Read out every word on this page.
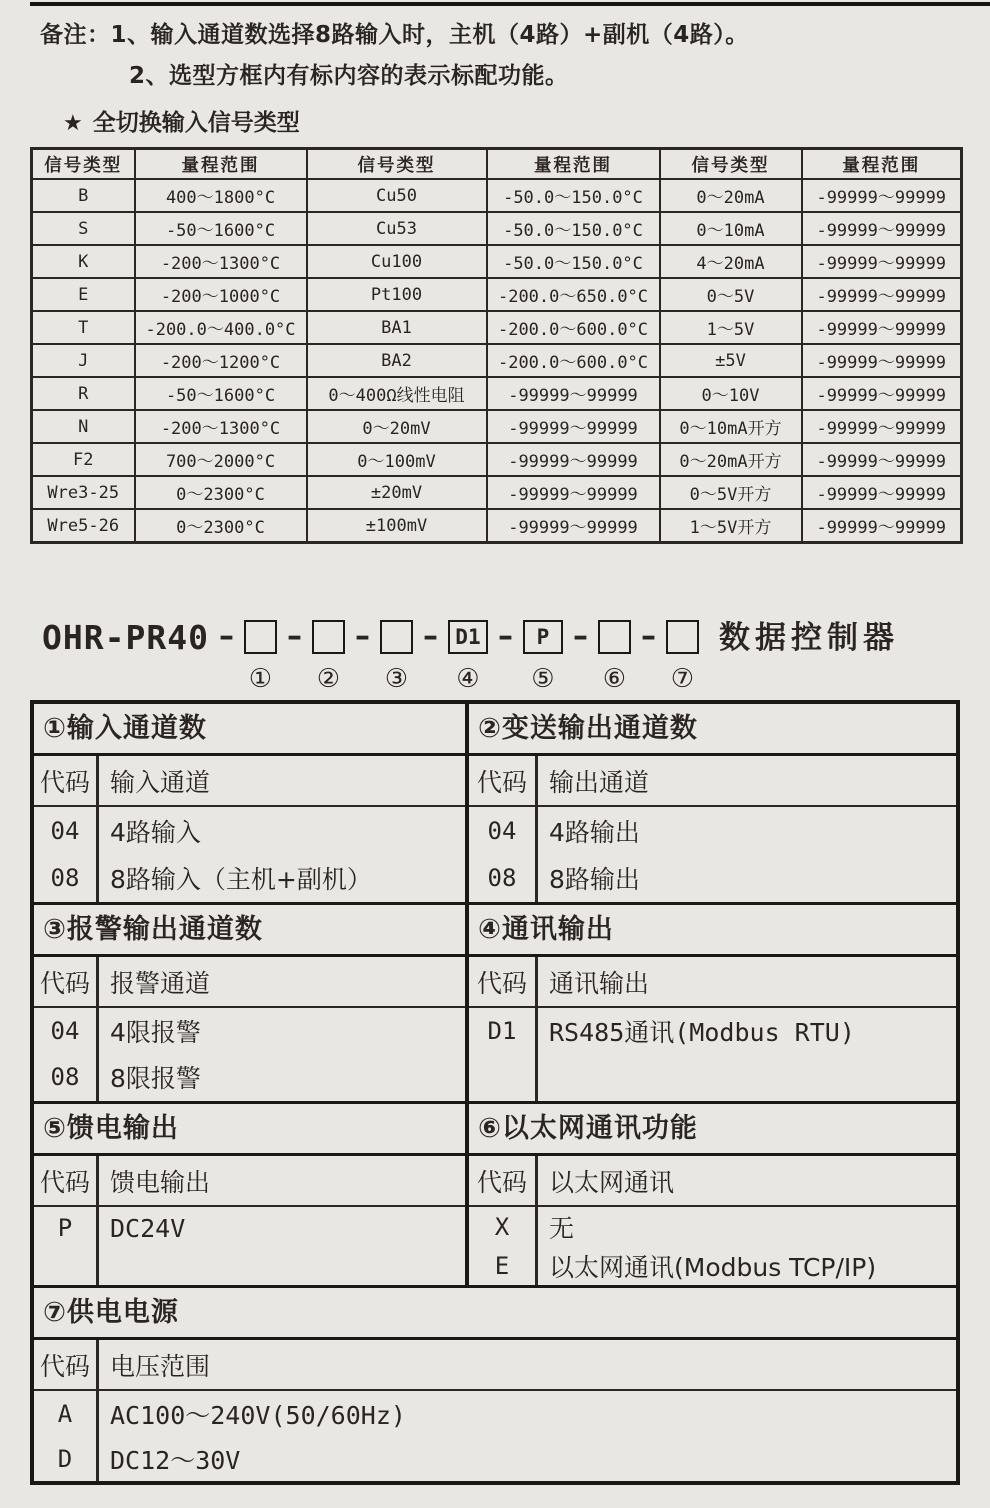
备注：1、输入通道数选择8路输入时，主机（4路）+副机（4路）。
2、选型方框内有标内容的表示标配功能。
★ 全切换输入信号类型
信号类型	量程范围	信号类型	量程范围	信号类型	量程范围
B	400～1800°C	Cu50	-50.0～150.0°C	0～20mA	-99999～99999
S	-50～1600°C	Cu53	-50.0～150.0°C	0～10mA	-99999～99999
K	-200～1300°C	Cu100	-50.0～150.0°C	4～20mA	-99999～99999
E	-200～1000°C	Pt100	-200.0～650.0°C	0～5V	-99999～99999
T	-200.0～400.0°C	BA1	-200.0～600.0°C	1～5V	-99999～99999
J	-200～1200°C	BA2	-200.0～600.0°C	±5V	-99999～99999
R	-50～1600°C	0～400Ω线性电阻	-99999～99999	0～10V	-99999～99999
N	-200～1300°C	0～20mV	-99999～99999	0～10mA开方	-99999～99999
F2	700～2000°C	0～100mV	-99999～99999	0～20mA开方	-99999～99999
Wre3-25	0～2300°C	±20mV	-99999～99999	0～5V开方	-99999～99999
Wre5-26	0～2300°C	±100mV	-99999～99999	1～5V开方	-99999～99999
OHR-PR40 –
①
–
②
–
③
– D1
④
–	P
⑤
–
⑥
–
⑦
数据控制器
①输入通道数
代码 输入通道
04	4路输入
08	8路输入（主机+副机）
②变送输出通道数
代码 输出通道
04	4路输出
08	8路输出
③报警输出通道数
代码 报警通道
04	4限报警
08	8限报警
④通讯输出
代码 通讯输出
D1	RS485通讯(Modbus RTU)
⑤馈电输出
代码 馈电输出
P	DC24V
⑥以太网通讯功能
代码 以太网通讯
X	无
E	以太网通讯(Modbus TCP/IP)
⑦供电电源
代码 电压范围
A	AC100～240V(50/60Hz)
D	DC12～30V
